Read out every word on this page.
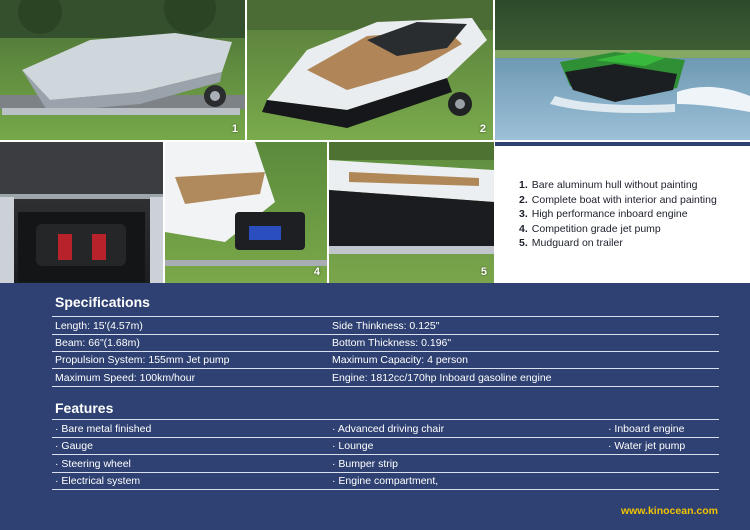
1	2
4	5
1. Bare aluminum hull without painting
2. Complete boat with interior and painting
3. High performance inboard engine
4. Competition grade jet pump
5. Mudguard on trailer
Specifications
Length: 15'(4.57m)	Side Thinkness: 0.125"
Beam: 66"(1.68m)	Bottom Thickness: 0.196"
Propulsion System: 155mm Jet pump	Maximum Capacity: 4 person
Maximum Speed: 100km/hour	Engine: 1812cc/170hp Inboard gasoline engine
Features
· Bare metal finished	· Advanced driving chair	· Inboard engine
· Gauge	· Lounge	· Water jet pump
· Steering wheel	· Bumper strip
· Electrical system	· Engine compartment,
www.kinocean.com
